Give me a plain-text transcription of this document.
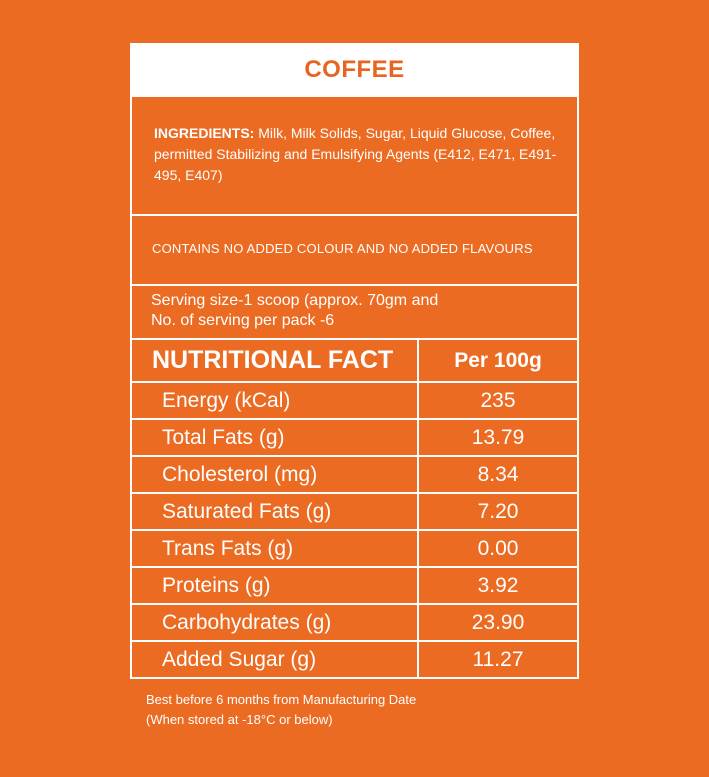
COFFEE
INGREDIENTS: Milk, Milk Solids, Sugar, Liquid Glucose, Coffee, permitted Stabilizing and Emulsifying Agents (E412, E471, E491-495, E407)
CONTAINS NO ADDED COLOUR AND NO ADDED FLAVOURS
Serving size-1 scoop (approx. 70gm and
No. of serving per pack -6
NUTRITIONAL FACT	Per 100g
Energy (kCal)	235
Total Fats (g)	13.79
Cholesterol (mg)	8.34
Saturated Fats (g)	7.20
Trans Fats (g)	0.00
Proteins (g)	3.92
Carbohydrates (g)	23.90
Added Sugar (g)	11.27
Best before 6 months from Manufacturing Date
(When stored at -18°C or below)
